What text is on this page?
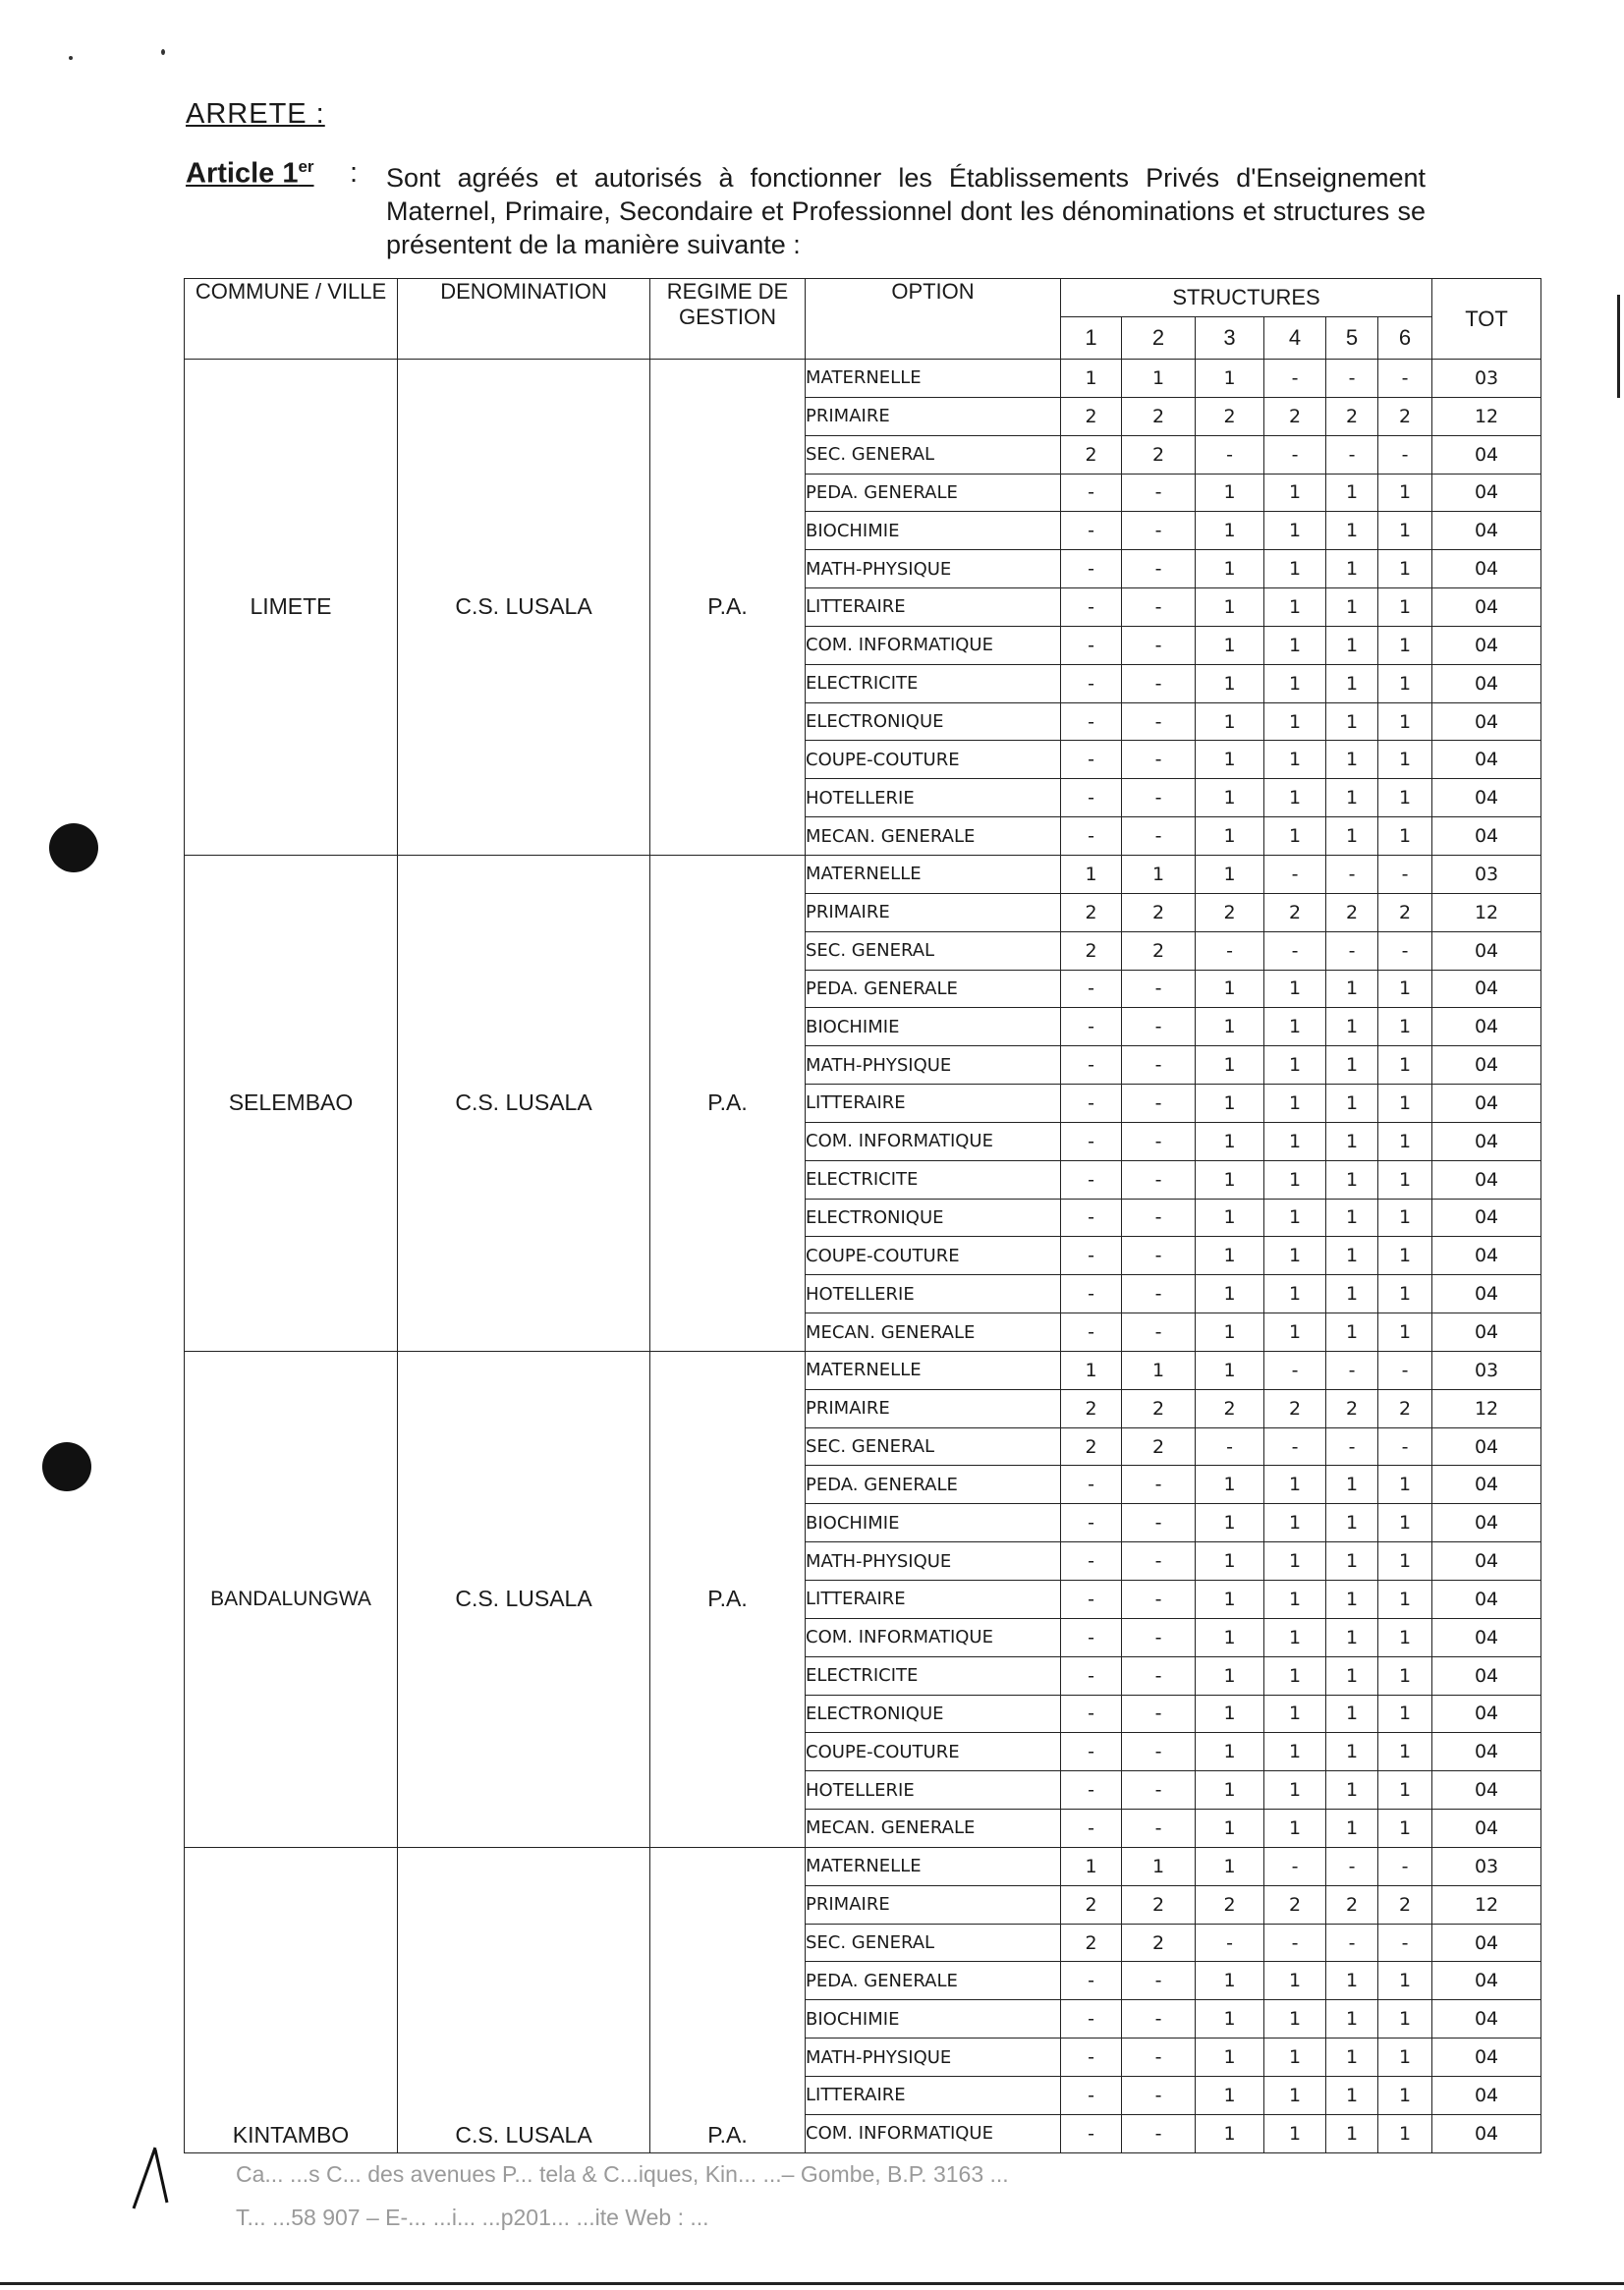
ARRETE :
Article 1er : Sont agréés et autorisés à fonctionner les Établissements Privés d'Enseignement Maternel, Primaire, Secondaire et Professionnel dont les dénominations et structures se présentent de la manière suivante :
COMMUNE / VILLE	DENOMINATION	REGIME DE GESTION	OPTION	STRUCTURES						TOT
				1	2	3	4	5	6	
LIMETE	C.S. LUSALA	P.A.	MATERNELLE	1	1	1	-	-	-	03
			PRIMAIRE	2	2	2	2	2	2	12
			SEC. GENERAL	2	2	-	-	-	-	04
			PEDA. GENERALE	-	-	1	1	1	1	04
			BIOCHIMIE	-	-	1	1	1	1	04
			MATH-PHYSIQUE	-	-	1	1	1	1	04
			LITTERAIRE	-	-	1	1	1	1	04
			COM. INFORMATIQUE	-	-	1	1	1	1	04
			ELECTRICITE	-	-	1	1	1	1	04
			ELECTRONIQUE	-	-	1	1	1	1	04
			COUPE-COUTURE	-	-	1	1	1	1	04
			HOTELLERIE	-	-	1	1	1	1	04
			MECAN. GENERALE	-	-	1	1	1	1	04
SELEMBAO	C.S. LUSALA	P.A.	MATERNELLE	1	1	1	-	-	-	03
			PRIMAIRE	2	2	2	2	2	2	12
			SEC. GENERAL	2	2	-	-	-	-	04
			PEDA. GENERALE	-	-	1	1	1	1	04
			BIOCHIMIE	-	-	1	1	1	1	04
			MATH-PHYSIQUE	-	-	1	1	1	1	04
			LITTERAIRE	-	-	1	1	1	1	04
			COM. INFORMATIQUE	-	-	1	1	1	1	04
			ELECTRICITE	-	-	1	1	1	1	04
			ELECTRONIQUE	-	-	1	1	1	1	04
			COUPE-COUTURE	-	-	1	1	1	1	04
			HOTELLERIE	-	-	1	1	1	1	04
			MECAN. GENERALE	-	-	1	1	1	1	04
BANDALUNGWA	C.S. LUSALA	P.A.	MATERNELLE	1	1	1	-	-	-	03
			PRIMAIRE	2	2	2	2	2	2	12
			SEC. GENERAL	2	2	-	-	-	-	04
			PEDA. GENERALE	-	-	1	1	1	1	04
			BIOCHIMIE	-	-	1	1	1	1	04
			MATH-PHYSIQUE	-	-	1	1	1	1	04
			LITTERAIRE	-	-	1	1	1	1	04
			COM. INFORMATIQUE	-	-	1	1	1	1	04
			ELECTRICITE	-	-	1	1	1	1	04
			ELECTRONIQUE	-	-	1	1	1	1	04
			COUPE-COUTURE	-	-	1	1	1	1	04
			HOTELLERIE	-	-	1	1	1	1	04
			MECAN. GENERALE	-	-	1	1	1	1	04
KINTAMBO	C.S. LUSALA	P.A.	MATERNELLE	1	1	1	-	-	-	03
			PRIMAIRE	2	2	2	2	2	2	12
			SEC. GENERAL	2	2	-	-	-	-	04
			PEDA. GENERALE	-	-	1	1	1	1	04
			BIOCHIMIE	-	-	1	1	1	1	04
			MATH-PHYSIQUE	-	-	1	1	1	1	04
			LITTERAIRE	-	-	1	1	1	1	04
			COM. INFORMATIQUE	-	-	1	1	1	1	04
Ca... ...s C... des avenues P... tela & C...iques, Kin... ...– Gombe, B.P. 3163 ...
T... ...58 907 – E-... ...i... ...p201... ...ite Web : ...
